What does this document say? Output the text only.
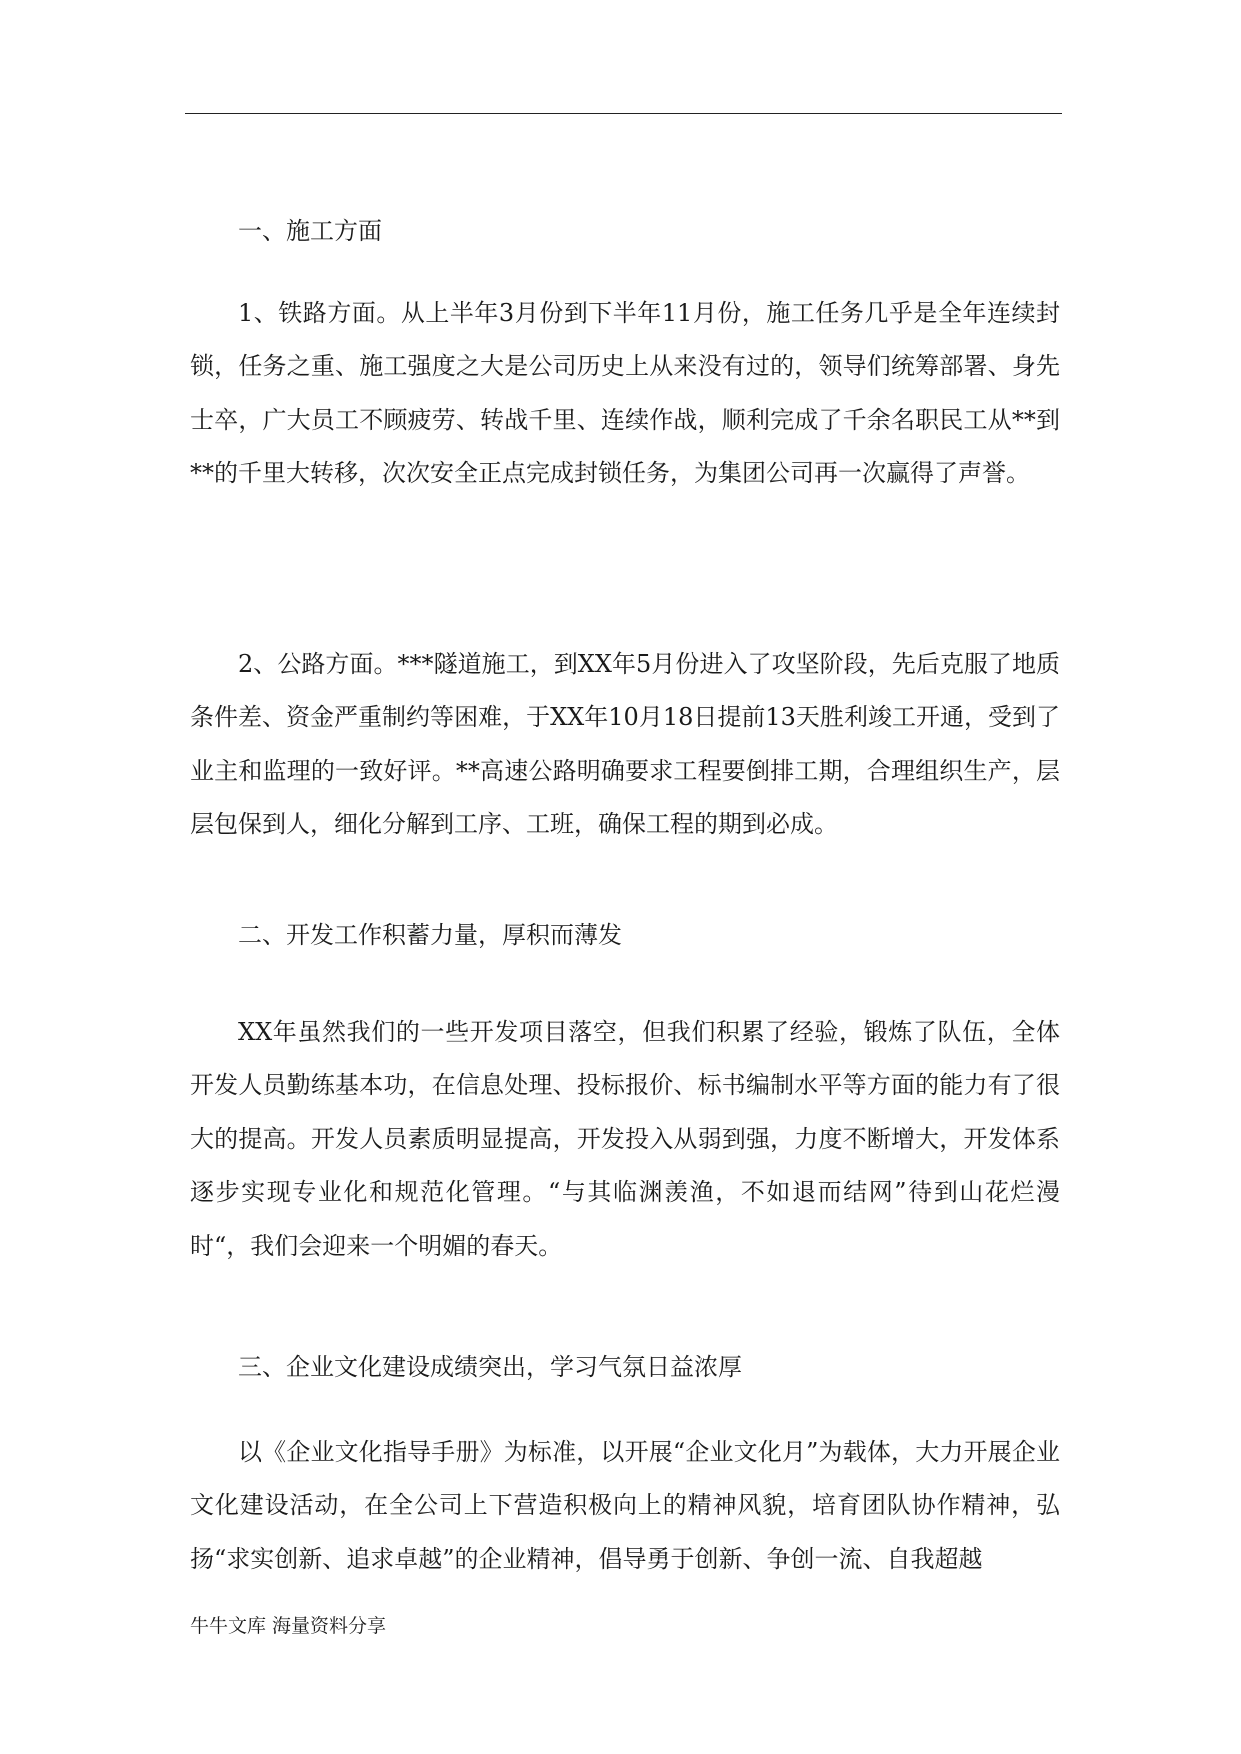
一、施工方面

1、铁路方面。从上半年3月份到下半年11月份，施工任务几乎是全年连续封锁，任务之重、施工强度之大是公司历史上从来没有过的，领导们统筹部署、身先士卒，广大员工不顾疲劳、转战千里、连续作战，顺利完成了千余名职民工从**到**的千里大转移，次次安全正点完成封锁任务，为集团公司再一次赢得了声誉。

2、公路方面。***隧道施工，到XX年5月份进入了攻坚阶段，先后克服了地质条件差、资金严重制约等困难，于XX年10月18日提前13天胜利竣工开通，受到了业主和监理的一致好评。**高速公路明确要求工程要倒排工期，合理组织生产，层层包保到人，细化分解到工序、工班，确保工程的期到必成。

二、开发工作积蓄力量，厚积而薄发

XX年虽然我们的一些开发项目落空，但我们积累了经验，锻炼了队伍，全体开发人员勤练基本功，在信息处理、投标报价、标书编制水平等方面的能力有了很大的提高。开发人员素质明显提高，开发投入从弱到强，力度不断增大，开发体系逐步实现专业化和规范化管理。“与其临渊羡渔，不如退而结网”待到山花烂漫时“，我们会迎来一个明媚的春天。

三、企业文化建设成绩突出，学习气氛日益浓厚

以《企业文化指导手册》为标准，以开展“企业文化月”为载体，大力开展企业文化建设活动，在全公司上下营造积极向上的精神风貌，培育团队协作精神，弘扬“求实创新、追求卓越”的企业精神，倡导勇于创新、争创一流、自我超越

牛牛文库 海量资料分享
